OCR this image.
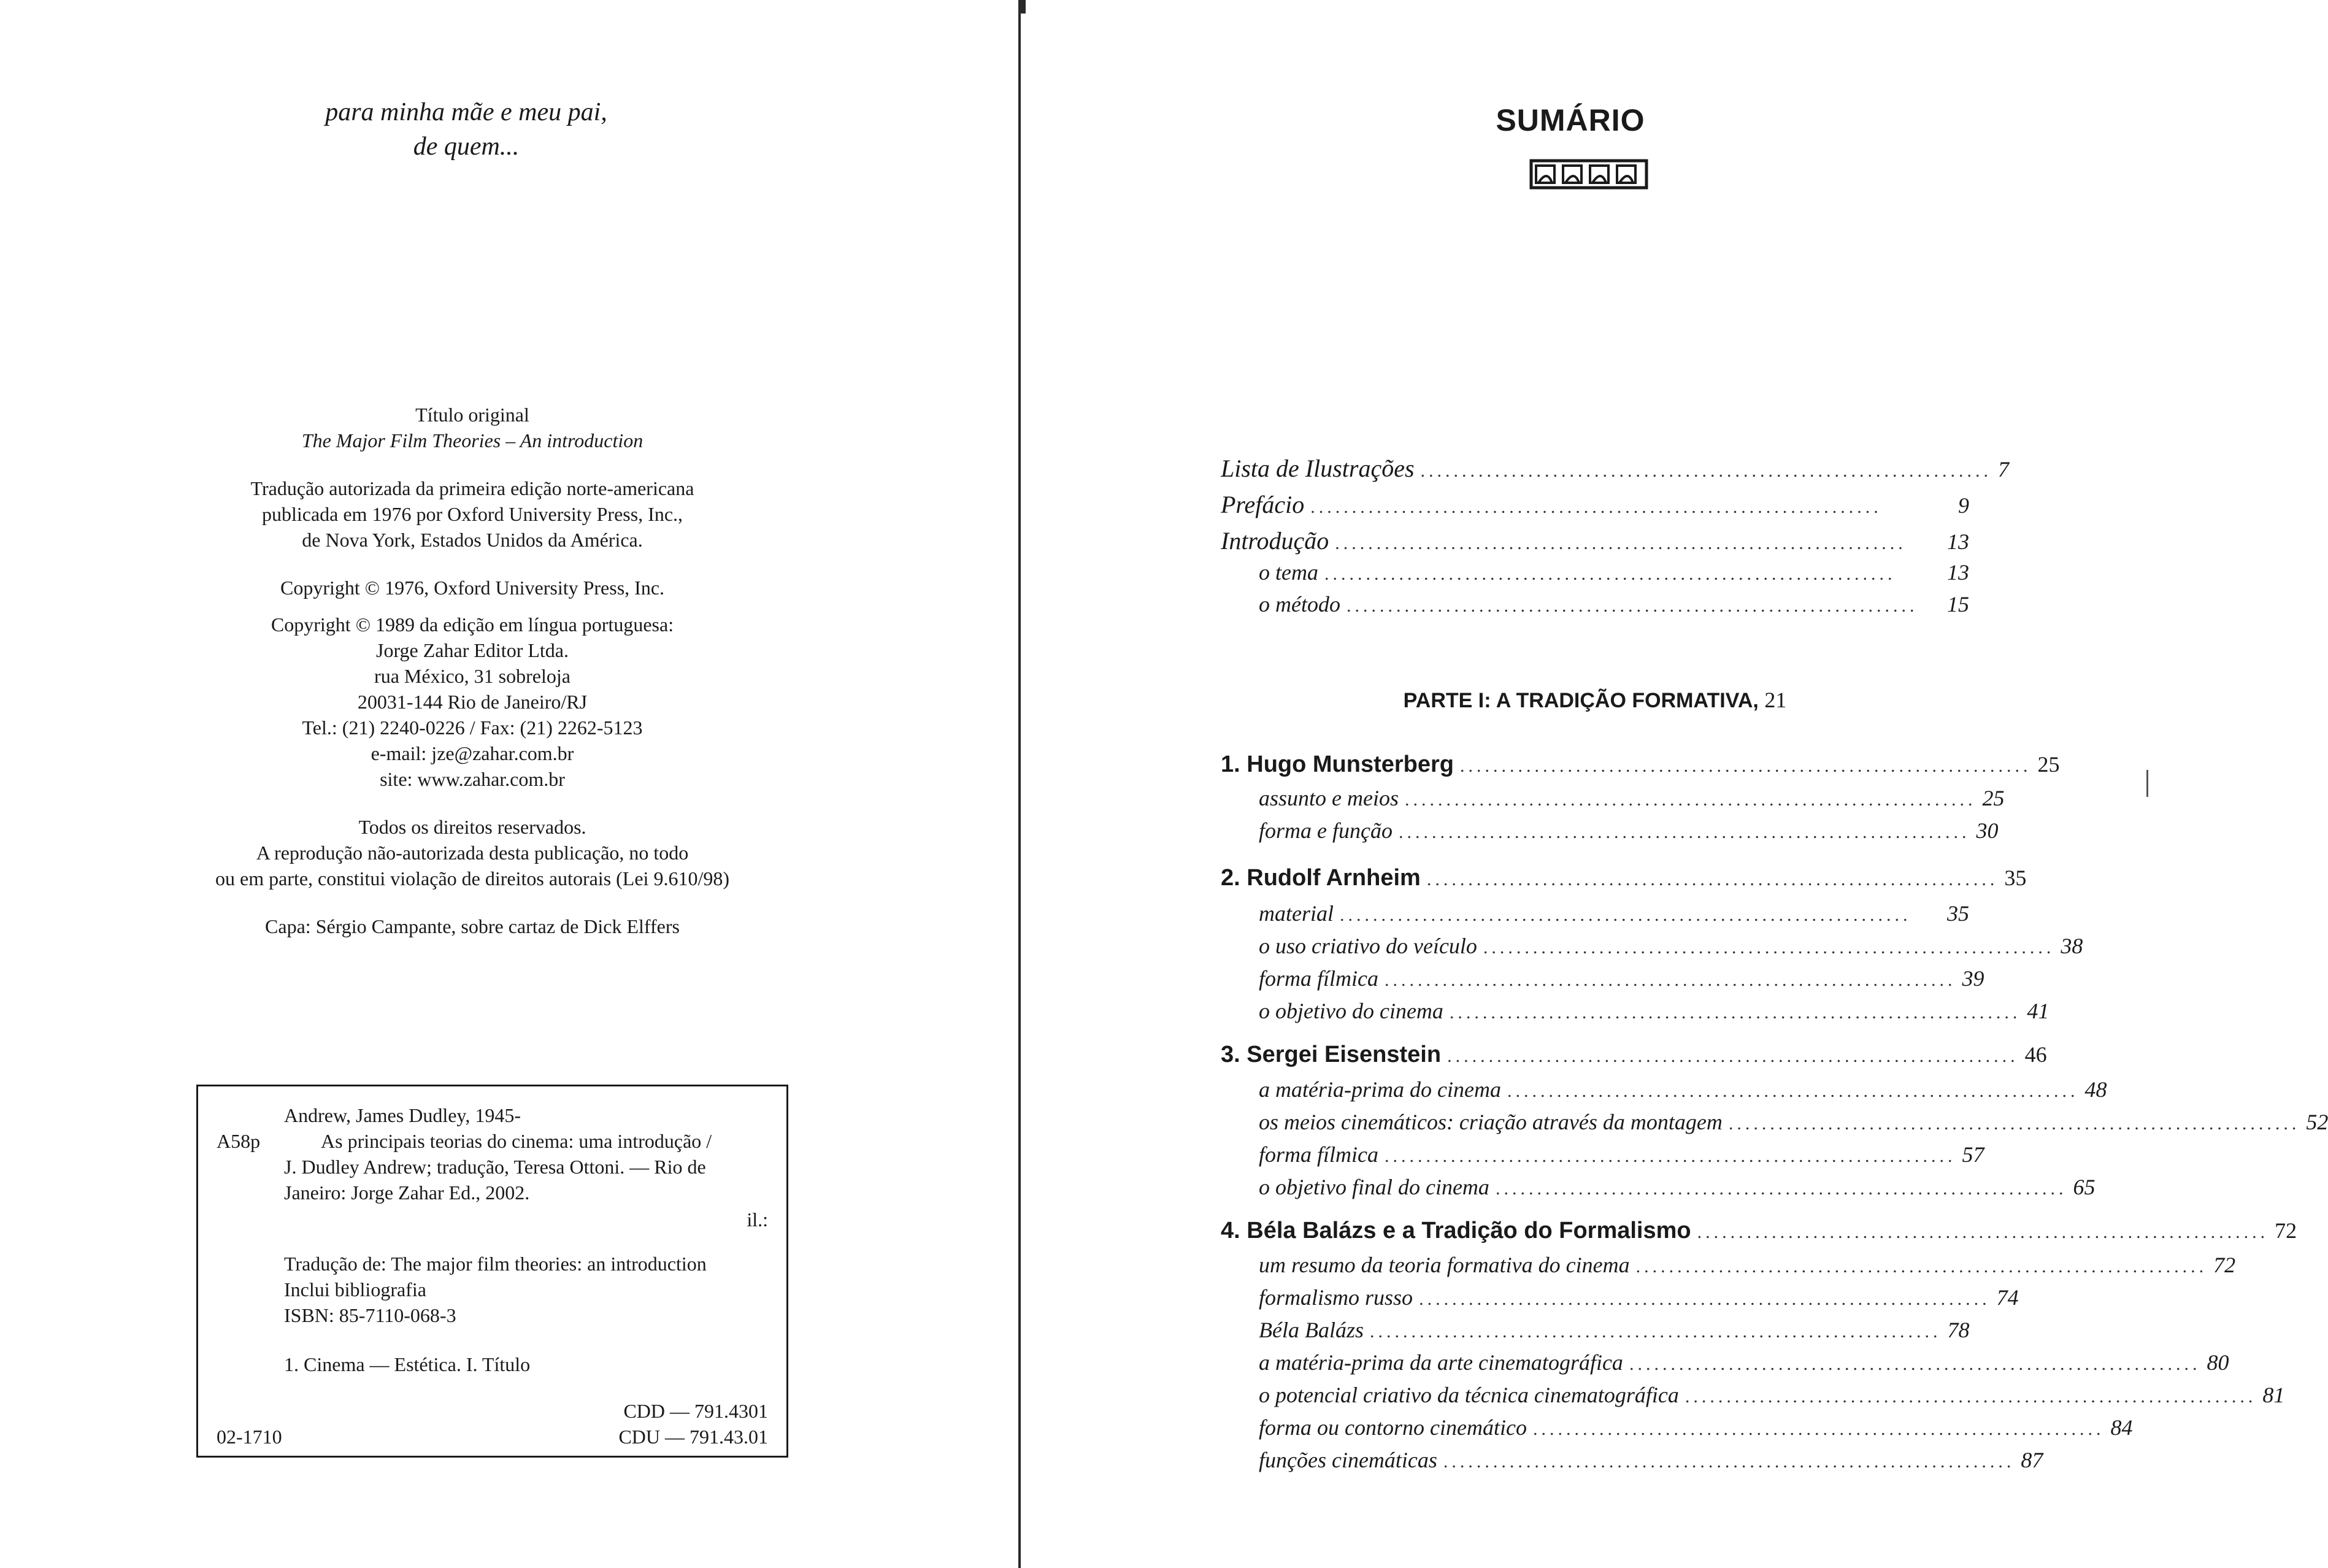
para minha mãe e meu pai,
de quem...
Título original
The Major Film Theories – An introduction
Tradução autorizada da primeira edição norte-americana
publicada em 1976 por Oxford University Press, Inc.,
de Nova York, Estados Unidos da América.
Copyright © 1976, Oxford University Press, Inc.
Copyright © 1989 da edição em língua portuguesa:
Jorge Zahar Editor Ltda.
rua México, 31 sobreloja
20031-144 Rio de Janeiro/RJ
Tel.: (21) 2240-0226 / Fax: (21) 2262-5123
e-mail: jze@zahar.com.br
site: www.zahar.com.br
Todos os direitos reservados.
A reprodução não-autorizada desta publicação, no todo
ou em parte, constitui violação de direitos autorais (Lei 9.610/98)
Capa: Sérgio Campante, sobre cartaz de Dick Elffers
Andrew, James Dudley, 1945-
A58p	As principais teorias do cinema: uma introdução /
J. Dudley Andrew; tradução, Teresa Ottoni. — Rio de
Janeiro: Jorge Zahar Ed., 2002.
il.:
Tradução de: The major film theories: an introduction
Inclui bibliografia
ISBN: 85-7110-068-3
1. Cinema — Estética. I. Título
CDD — 791.4301
02-1710	CDU — 791.43.01
SUMÁRIO
Lista de Ilustrações ..................................................................... 7
Prefácio .....................................................................	9
Introdução .....................................................................	13
o tema .....................................................................	13
o método .....................................................................	15
PARTE I: A TRADIÇÃO FORMATIVA, 21
1. Hugo Munsterberg ..................................................................... 25
assunto e meios ..................................................................... 25
forma e função ..................................................................... 30
2. Rudolf Arnheim ..................................................................... 35
material .....................................................................	35
o uso criativo do veículo ..................................................................... 38
forma fílmica ..................................................................... 39
o objetivo do cinema ..................................................................... 41
3. Sergei Eisenstein ..................................................................... 46
a matéria-prima do cinema ..................................................................... 48
os meios cinemáticos: criação através da montagem ..................................................................... 52
forma fílmica ..................................................................... 57
o objetivo final do cinema ..................................................................... 65
4. Béla Balázs e a Tradição do Formalismo ..................................................................... 72
um resumo da teoria formativa do cinema ..................................................................... 72
formalismo russo ..................................................................... 74
Béla Balázs ..................................................................... 78
a matéria-prima da arte cinematográfica ..................................................................... 80
o potencial criativo da técnica cinematográfica ..................................................................... 81
forma ou contorno cinemático ..................................................................... 84
funções cinemáticas ..................................................................... 87
